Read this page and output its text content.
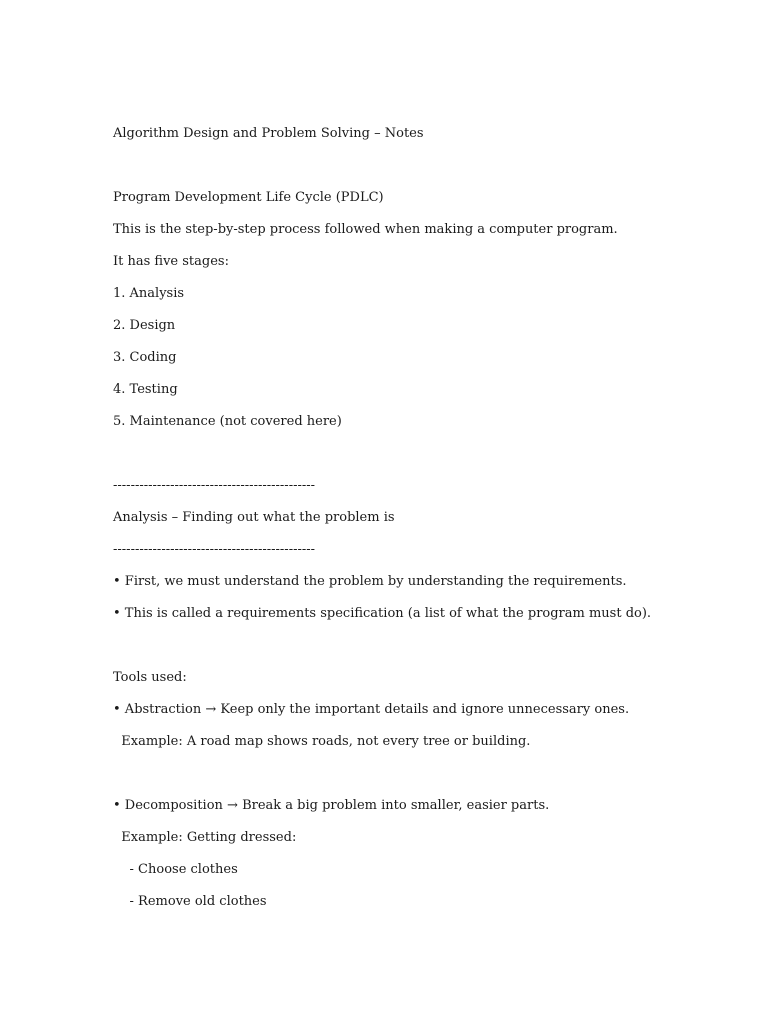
Algorithm Design and Problem Solving – Notes

Program Development Life Cycle (PDLC)

This is the step-by-step process followed when making a computer program.

It has five stages:

1. Analysis

2. Design

3. Coding

4. Testing

5. Maintenance (not covered here)

----------------------------------------------

Analysis – Finding out what the problem is

----------------------------------------------

• First, we must understand the problem by understanding the requirements.

• This is called a requirements specification (a list of what the program must do).

Tools used:

• Abstraction → Keep only the important details and ignore unnecessary ones.

Example: A road map shows roads, not every tree or building.

• Decomposition → Break a big problem into smaller, easier parts.

Example: Getting dressed:

- Choose clothes

- Remove old clothes
